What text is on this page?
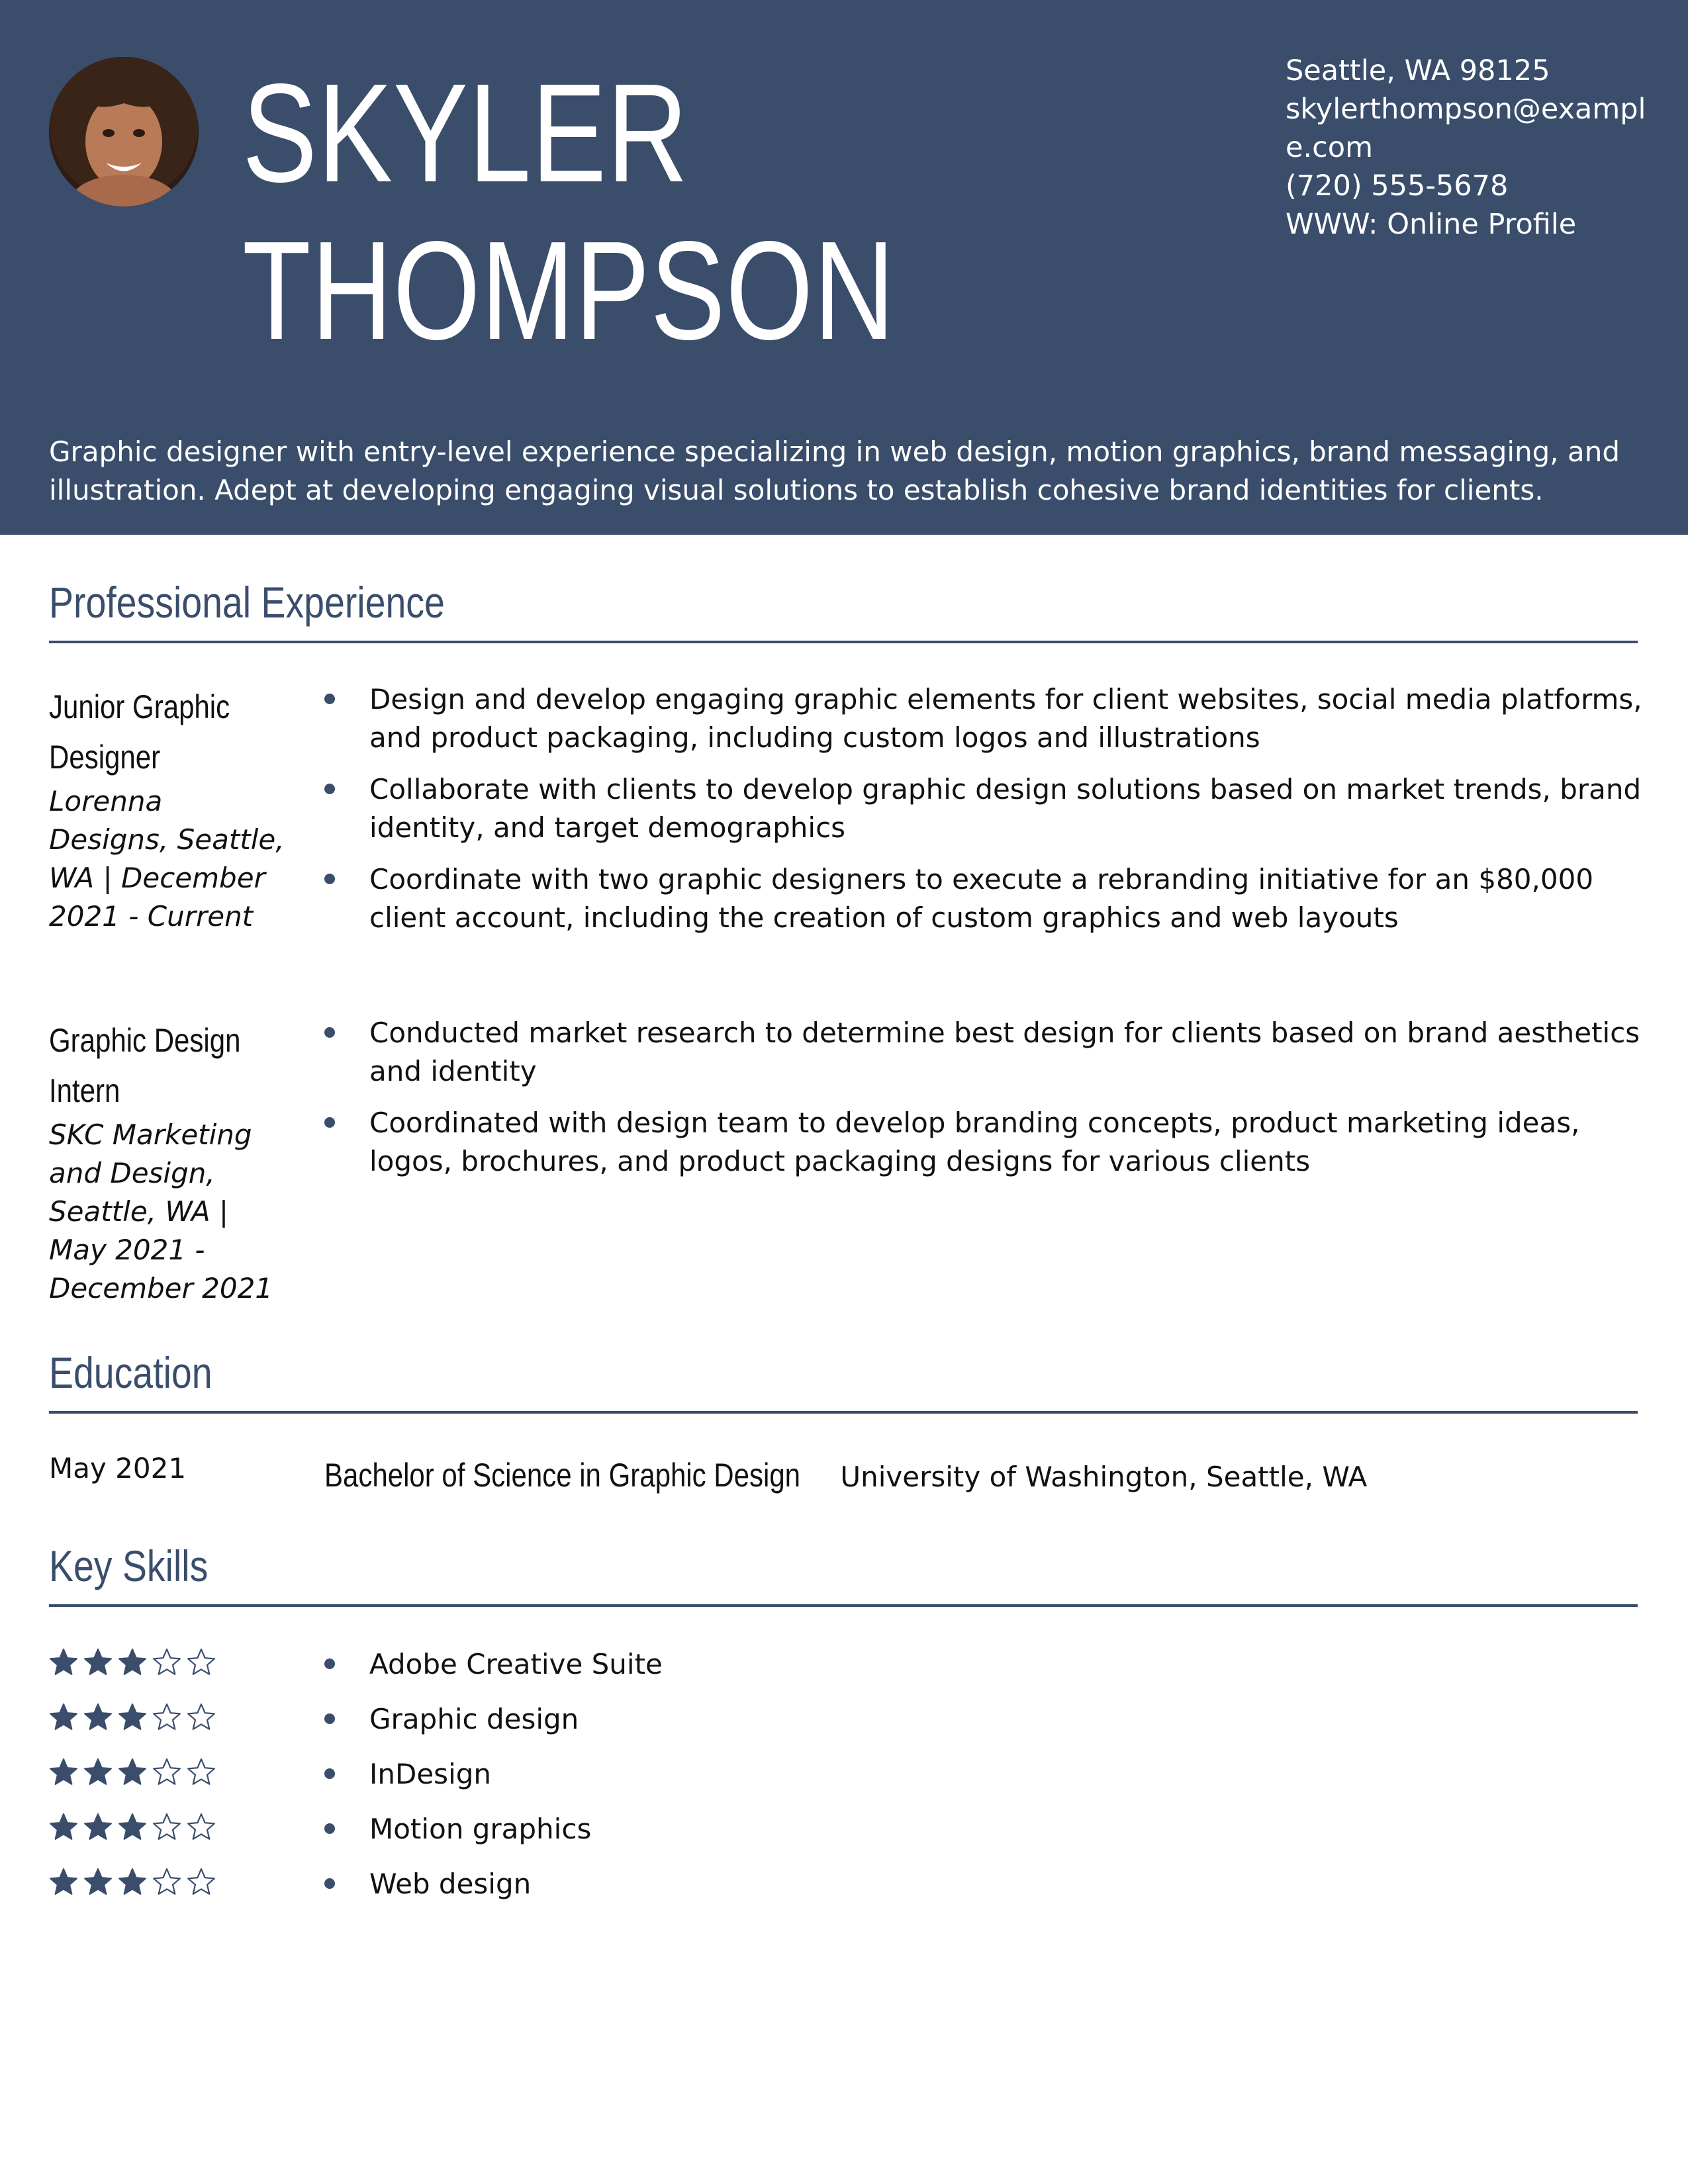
SKYLER
THOMPSON
Seattle, WA 98125
skylerthompson@example.com
(720) 555-5678
WWW: Online Profile
Graphic designer with entry-level experience specializing in web design, motion graphics, brand messaging, and illustration. Adept at developing engaging visual solutions to establish cohesive brand identities for clients.
Professional Experience
Junior Graphic Designer
Lorenna Designs, Seattle, WA | December 2021 - Current
Design and develop engaging graphic elements for client websites, social media platforms, and product packaging, including custom logos and illustrations
Collaborate with clients to develop graphic design solutions based on market trends, brand identity, and target demographics
Coordinate with two graphic designers to execute a rebranding initiative for an $80,000 client account, including the creation of custom graphics and web layouts
Graphic Design Intern
SKC Marketing and Design, Seattle, WA | May 2021 - December 2021
Conducted market research to determine best design for clients based on brand aesthetics and identity
Coordinated with design team to develop branding concepts, product marketing ideas, logos, brochures, and product packaging designs for various clients
Education
May 2021	Bachelor of Science in Graphic Design University of Washington, Seattle, WA
Key Skills
Adobe Creative Suite
Graphic design
InDesign
Motion graphics
Web design
